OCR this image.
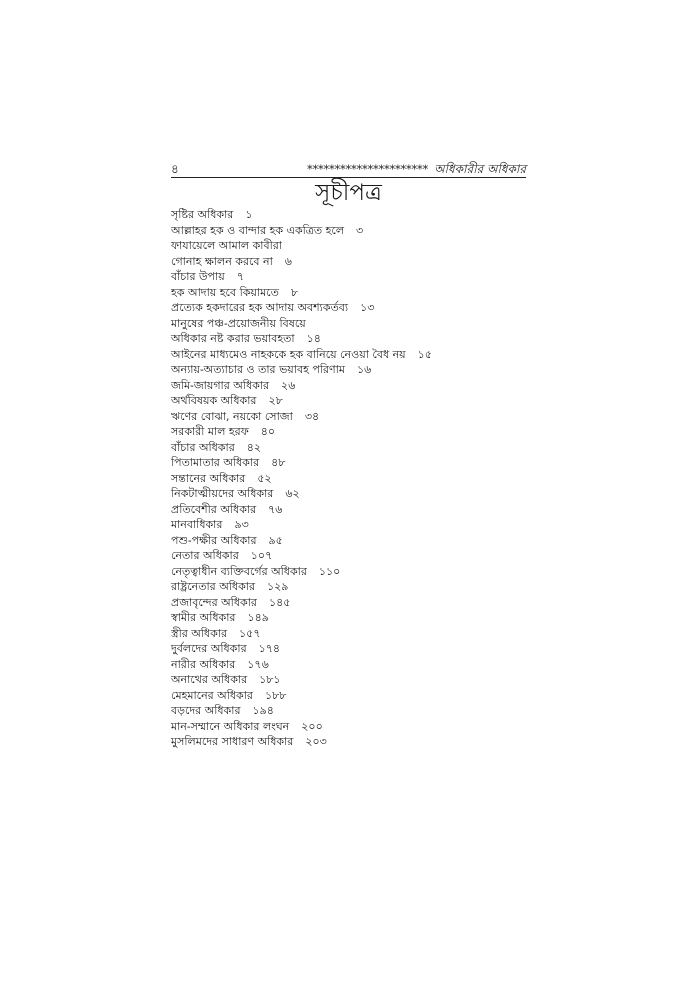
৪	********************** অধিকারীর অধিকার
সূচীপত্র
সৃষ্টির অধিকার ১
আল্লাহর হক ও বান্দার হক একত্রিত হলে ৩
ফাযায়েলে আমাল কাবীরা
গোনাহ ক্ষালন করবে না ৬
বাঁচার উপায় ৭
হক আদায় হবে কিয়ামতে ৮
প্রত্যেক হকদারের হক আদায় অবশ্যকর্তব্য ১৩
মানুষের পঞ্চ-প্রয়োজনীয় বিষয়ে
অধিকার নষ্ট করার ভয়াবহতা ১৪
আইনের মাধ্যমেও নাহককে হক বানিয়ে নেওয়া বৈধ নয় ১৫
অন্যায়-অত্যাচার ও তার ভয়াবহ পরিণাম ১৬
জমি-জায়গার অধিকার ২৬
অর্থবিষয়ক অধিকার ২৮
ঋণের বোঝা, নয়কো সোজা ৩৪
সরকারী মাল হরফ ৪০
বাঁচার অধিকার ৪২
পিতামাতার অধিকার ৪৮
সন্তানের অধিকার ৫২
নিকটাত্মীয়দের অধিকার ৬২
প্রতিবেশীর অধিকার ৭৬
মানবাধিকার ৯৩
পশু-পক্ষীর অধিকার ৯৫
নেতার অধিকার ১০৭
নেতৃত্বাধীন ব্যক্তিবর্গের অধিকার ১১০
রাষ্ট্রনেতার অধিকার ১২৯
প্রজাবৃন্দের অধিকার ১৪৫
স্বামীর অধিকার ১৪৯
স্ত্রীর অধিকার ১৫৭
দুর্বলদের অধিকার ১৭৪
নারীর অধিকার ১৭৬
অনাথের অধিকার ১৮১
মেহমানের অধিকার ১৮৮
বড়দের অধিকার ১৯৪
মান-সম্মানে অধিকার লংঘন ২০০
মুসলিমদের সাধারণ অধিকার ২০৩
